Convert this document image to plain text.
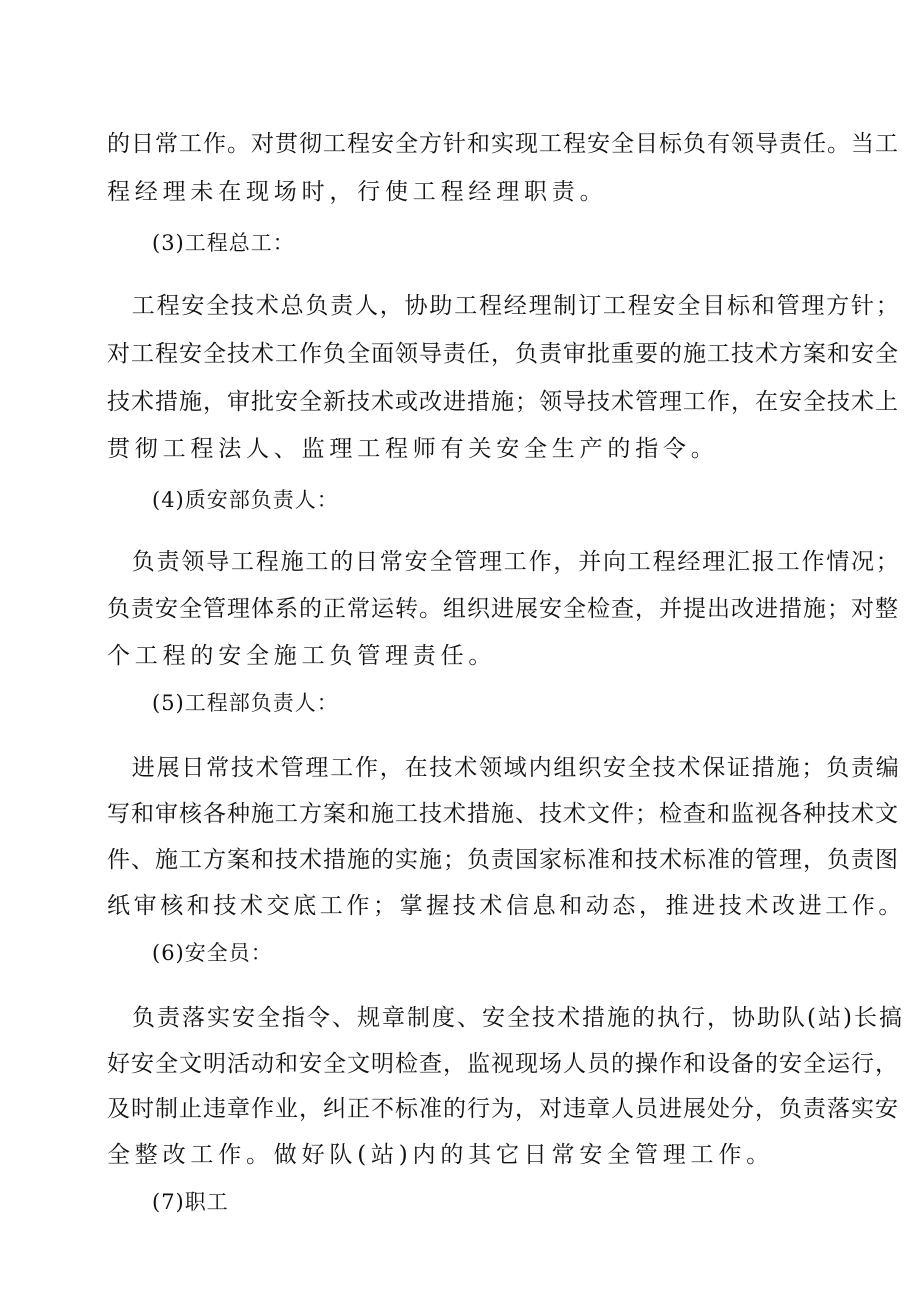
的日常工作。对贯彻工程安全方针和实现工程安全目标负有领导责任。当工
程经理未在现场时，行使工程经理职责。
(3)工程总工：
　工程安全技术总负责人，协助工程经理制订工程安全目标和管理方针；
对工程安全技术工作负全面领导责任，负责审批重要的施工技术方案和安全
技术措施，审批安全新技术或改进措施；领导技术管理工作，在安全技术上
贯彻工程法人、监理工程师有关安全生产的指令。
(4)质安部负责人：
　负责领导工程施工的日常安全管理工作，并向工程经理汇报工作情况；
负责安全管理体系的正常运转。组织进展安全检查，并提出改进措施；对整
个工程的安全施工负管理责任。
(5)工程部负责人：
　进展日常技术管理工作，在技术领域内组织安全技术保证措施；负责编
写和审核各种施工方案和施工技术措施、技术文件；检查和监视各种技术文
件、施工方案和技术措施的实施；负责国家标准和技术标准的管理，负责图
纸审核和技术交底工作；掌握技术信息和动态，推进技术改进工作。
(6)安全员：
　负责落实安全指令、规章制度、安全技术措施的执行，协助队(站)长搞
好安全文明活动和安全文明检查，监视现场人员的操作和设备的安全运行，
及时制止违章作业，纠正不标准的行为，对违章人员进展处分，负责落实安
全整改工作。做好队(站)内的其它日常安全管理工作。
(7)职工
